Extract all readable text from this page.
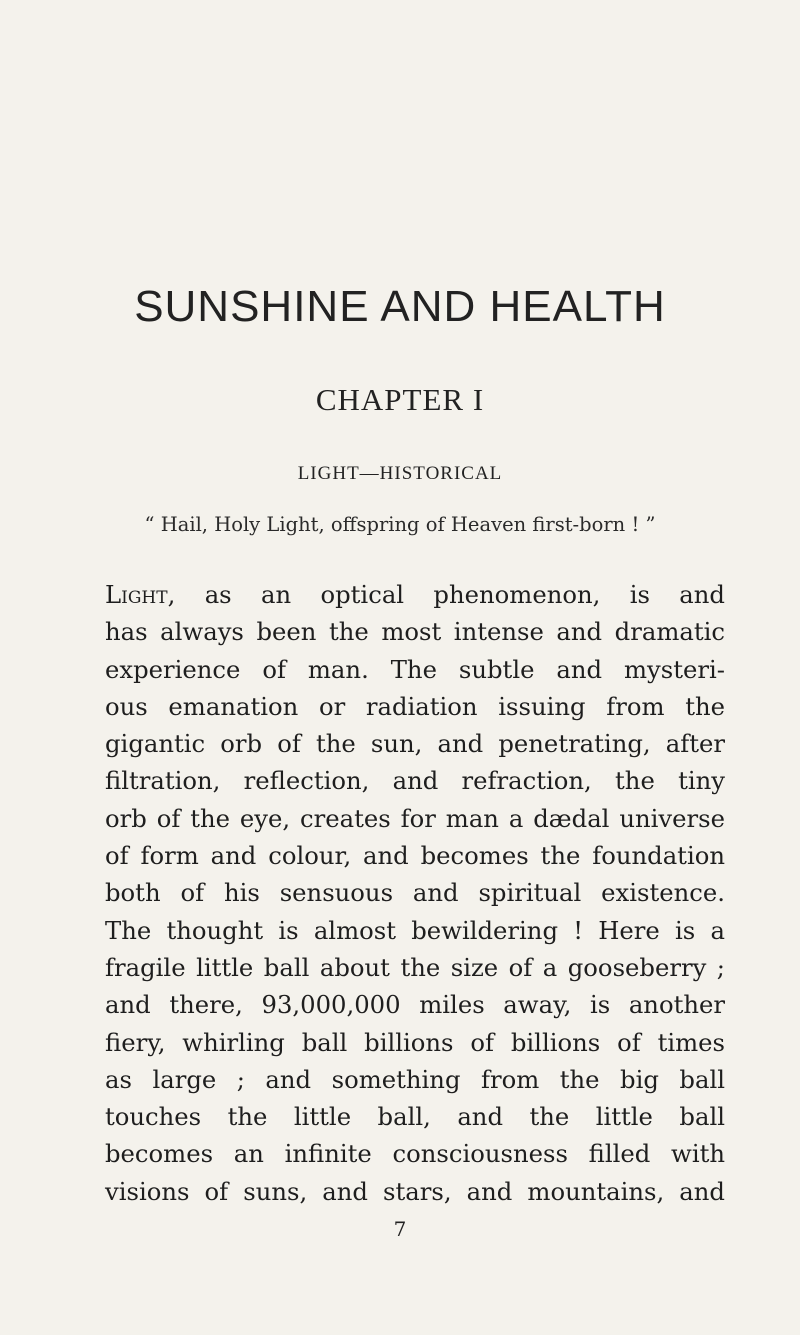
SUNSHINE AND HEALTH
CHAPTER I
LIGHT—HISTORICAL
“ Hail, Holy Light, offspring of Heaven first-born ! ”
Light, as an optical phenomenon, is and
has always been the most intense and dramatic
experience of man. The subtle and mysteri-
ous emanation or radiation issuing from the
gigantic orb of the sun, and penetrating, after
filtration, reflection, and refraction, the tiny
orb of the eye, creates for man a dædal universe
of form and colour, and becomes the foundation
both of his sensuous and spiritual existence.
The thought is almost bewildering ! Here is a
fragile little ball about the size of a gooseberry ;
and there, 93,000,000 miles away, is another
fiery, whirling ball billions of billions of times
as large ; and something from the big ball
touches the little ball, and the little ball
becomes an infinite consciousness filled with
visions of suns, and stars, and mountains, and
7
